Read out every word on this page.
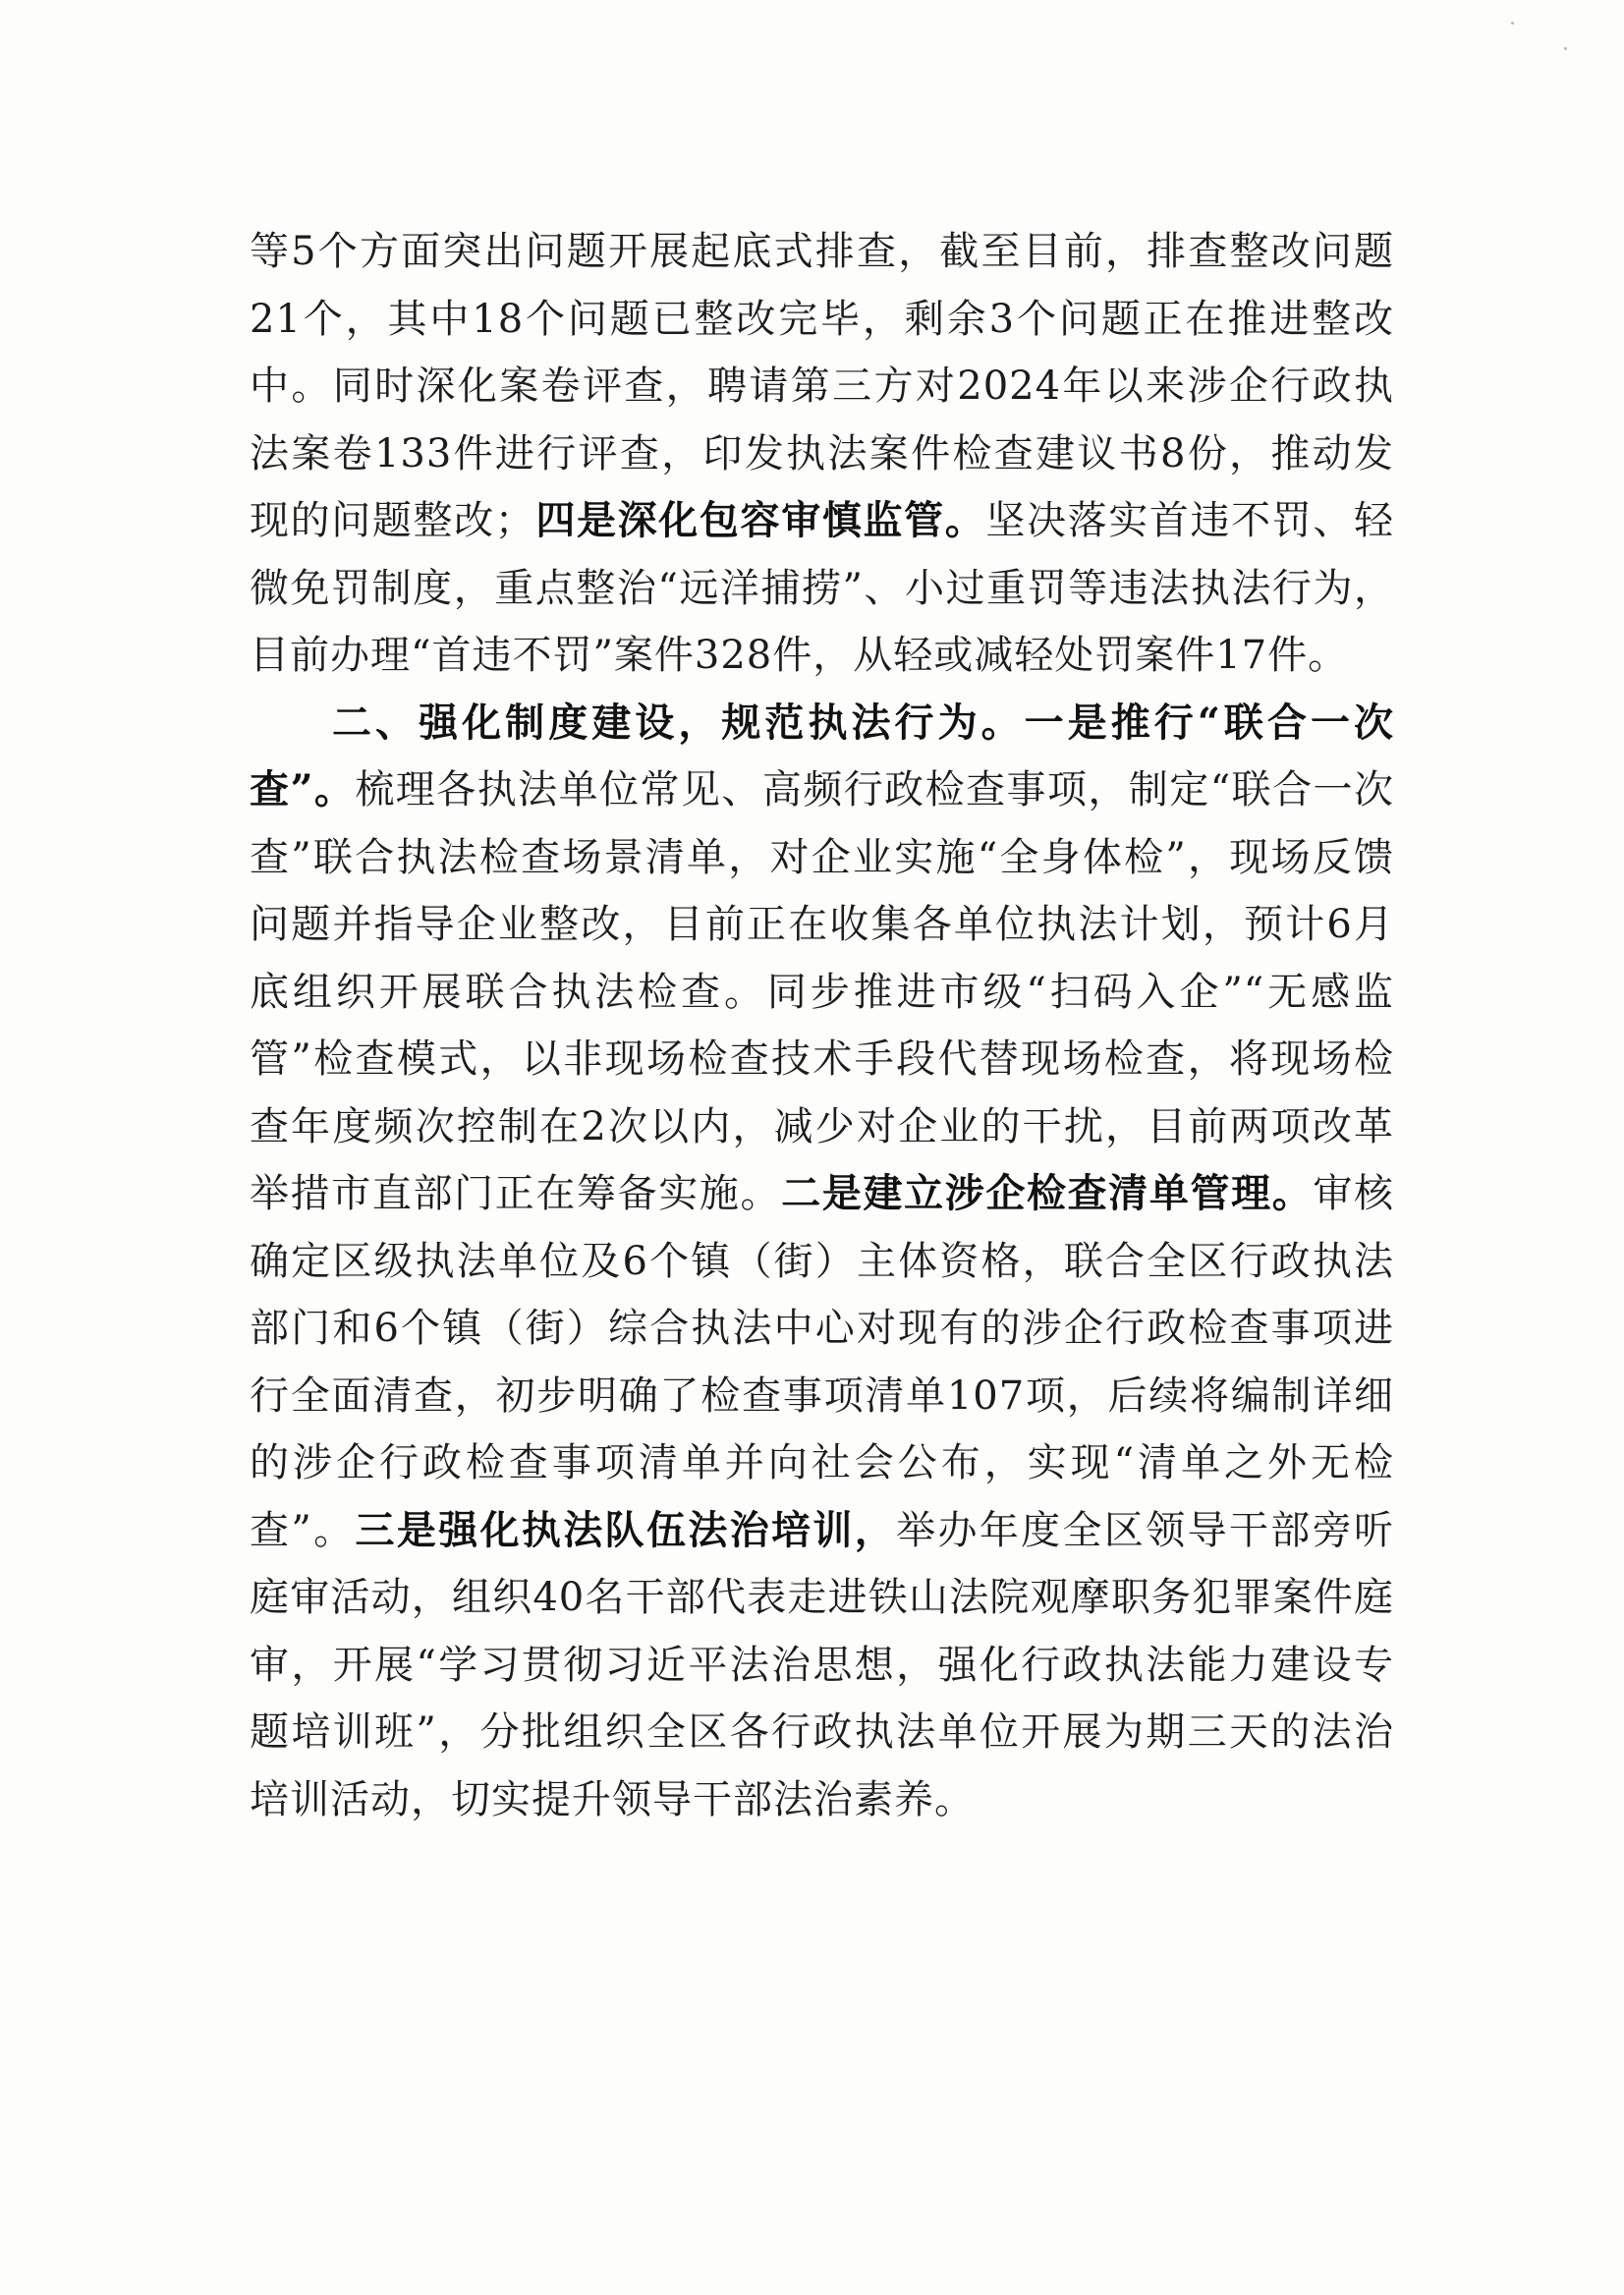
等5个方面突出问题开展起底式排查，截至目前，排查整改问题21个，其中18个问题已整改完毕，剩余3个问题正在推进整改中。同时深化案卷评查，聘请第三方对2024年以来涉企行政执法案卷133件进行评查，印发执法案件检查建议书8份，推动发现的问题整改；四是深化包容审慎监管。坚决落实首违不罚、轻微免罚制度，重点整治“远洋捕捞”、小过重罚等违法执法行为，目前办理“首违不罚”案件328件，从轻或减轻处罚案件17件。

二、强化制度建设，规范执法行为。一是推行“联合一次查”。梳理各执法单位常见、高频行政检查事项，制定“联合一次查”联合执法检查场景清单，对企业实施“全身体检”，现场反馈问题并指导企业整改，目前正在收集各单位执法计划，预计6月底组织开展联合执法检查。同步推进市级“扫码入企”“无感监管”检查模式，以非现场检查技术手段代替现场检查，将现场检查年度频次控制在2次以内，减少对企业的干扰，目前两项改革举措市直部门正在筹备实施。二是建立涉企检查清单管理。审核确定区级执法单位及6个镇（街）主体资格，联合全区行政执法部门和6个镇（街）综合执法中心对现有的涉企行政检查事项进行全面清查，初步明确了检查事项清单107项，后续将编制详细的涉企行政检查事项清单并向社会公布，实现“清单之外无检查”。三是强化执法队伍法治培训，举办年度全区领导干部旁听庭审活动，组织40名干部代表走进铁山法院观摩职务犯罪案件庭审，开展“学习贯彻习近平法治思想，强化行政执法能力建设专题培训班”，分批组织全区各行政执法单位开展为期三天的法治培训活动，切实提升领导干部法治素养。
